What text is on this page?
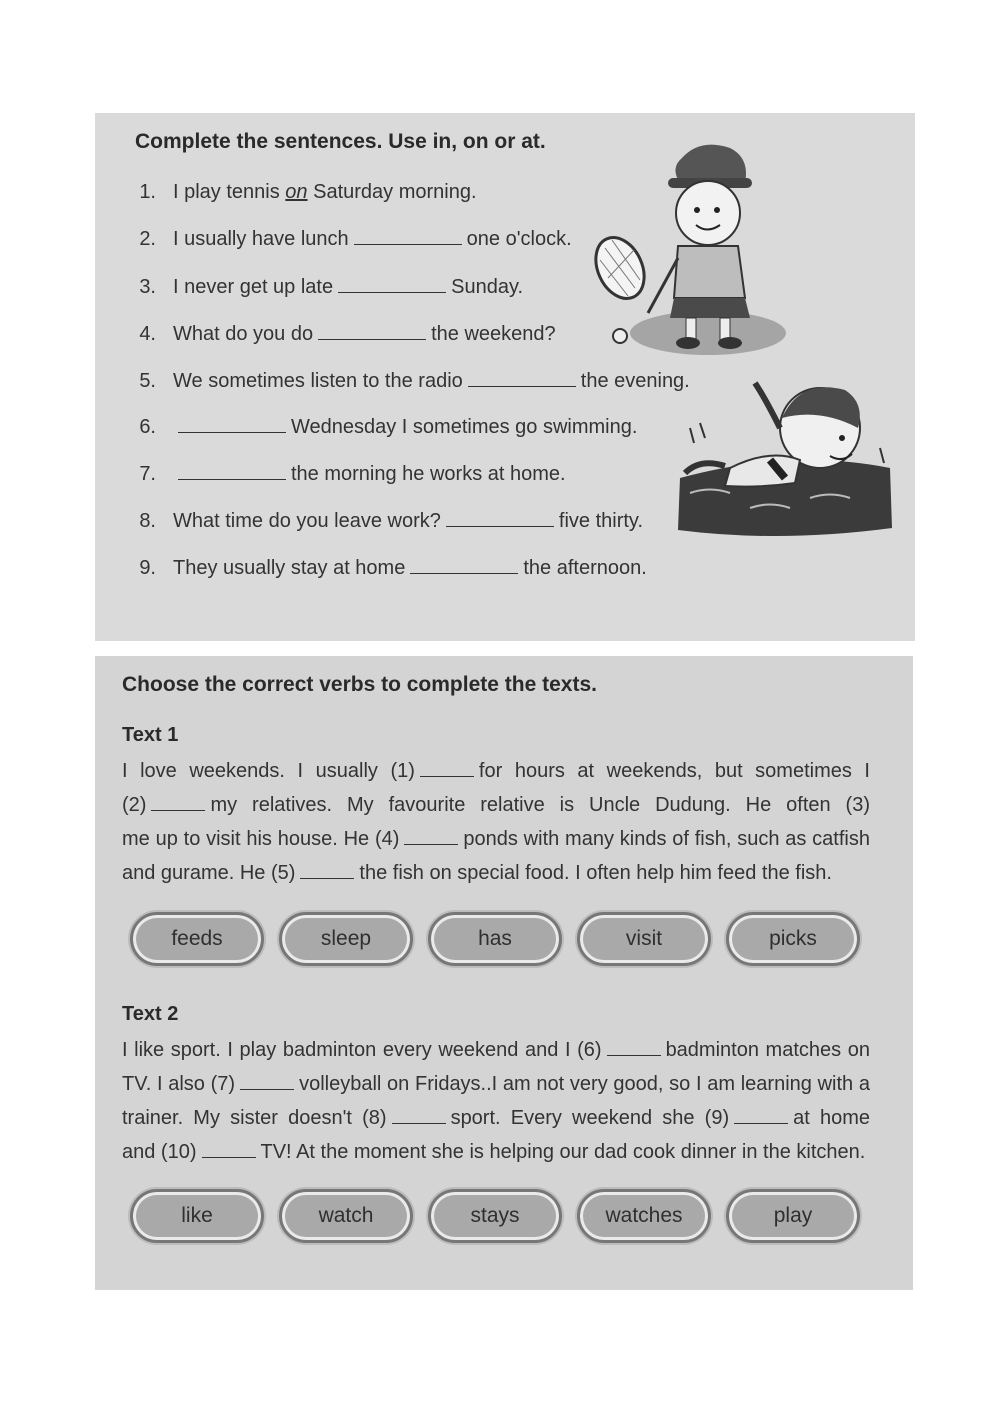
Complete the sentences. Use in, on or at.
1. I play tennis on Saturday morning.
2. I usually have lunch	one o'clock.
3. I never get up late	Sunday.
4. What do you do	the weekend?
5. We sometimes listen to the radio	the evening.
6.	Wednesday I sometimes go swimming.
7.	the morning he works at home.
8. What time do you leave work?	five thirty.
9. They usually stay at home	the afternoon.
Choose the correct verbs to complete the texts.
Text 1
I love weekends. I usually (1)	for hours at weekends, but sometimes I
(2)	my relatives. My favourite relative is Uncle Dudung. He often (3)
me up to visit his house. He (4)	ponds with many kinds of fish, such as catfish
and gurame. He (5)	the fish on special food. I often help him feed the fish.
feeds	sleep	has	visit	picks
Text 2
I like sport. I play badminton every weekend and I (6)	badminton matches on
TV. I also (7)	volleyball on Fridays..I am not very good, so I am learning with a
trainer. My sister doesn't (8)	sport. Every weekend she (9)	at home
and (10)	TV! At the moment she is helping our dad cook dinner in the kitchen.
like	watch	stays	watches	play
